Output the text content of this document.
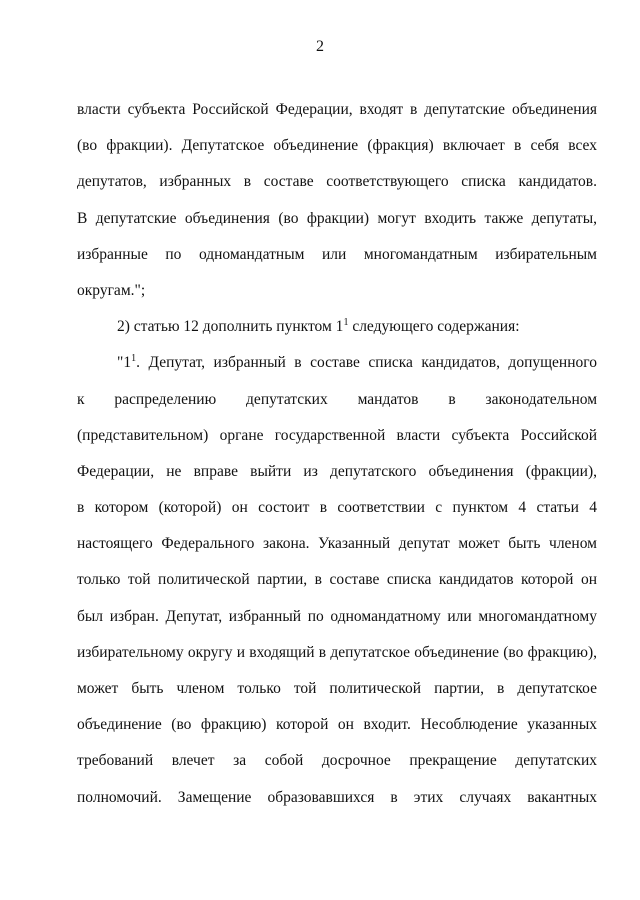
2
власти субъекта Российской Федерации, входят в депутатские объединения
(во фракции). Депутатское объединение (фракция) включает в себя всех
депутатов, избранных в составе соответствующего списка кандидатов.
В депутатские объединения (во фракции) могут входить также депутаты,
избранные по одномандатным или многомандатным избирательным
округам.";
2) статью 12 дополнить пунктом $1^1$ следующего содержания:
"$1^1$. Депутат, избранный в составе списка кандидатов, допущенного
к распределению депутатских мандатов в законодательном
(представительном) органе государственной власти субъекта Российской
Федерации, не вправе выйти из депутатского объединения (фракции),
в котором (которой) он состоит в соответствии с пунктом 4 статьи 4
настоящего Федерального закона. Указанный депутат может быть членом
только той политической партии, в составе списка кандидатов которой он
был избран. Депутат, избранный по одномандатному или многомандатному
избирательному округу и входящий в депутатское объединение (во фракцию),
может быть членом только той политической партии, в депутатское
объединение (во фракцию) которой он входит. Несоблюдение указанных
требований влечет за собой досрочное прекращение депутатских
полномочий. Замещение образовавшихся в этих случаях вакантных
